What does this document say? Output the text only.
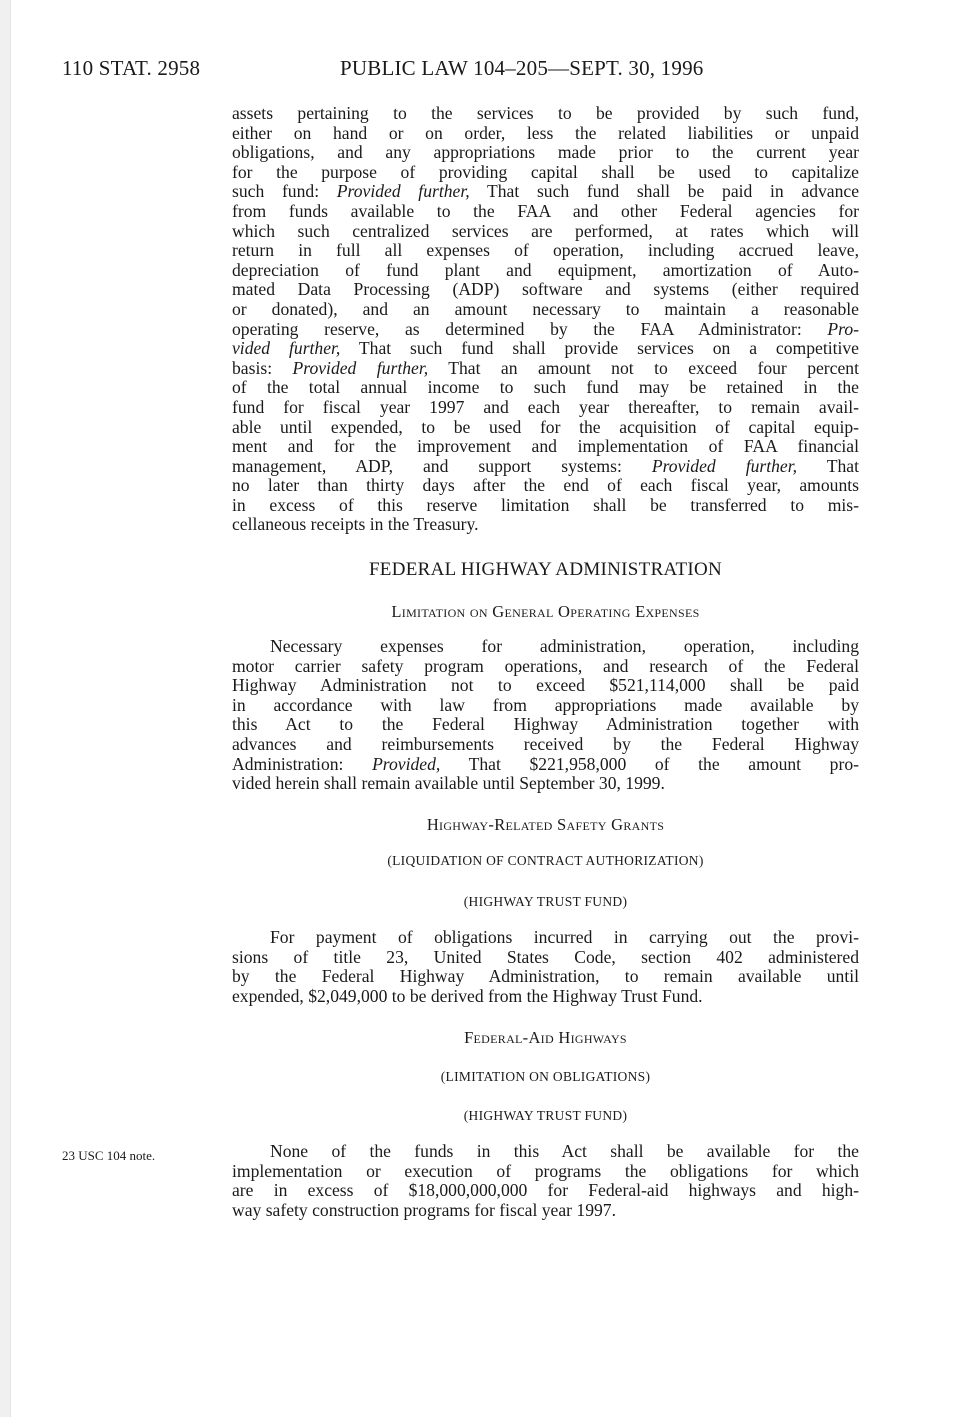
110 STAT. 2958	PUBLIC LAW 104–205—SEPT. 30, 1996

assets pertaining to the services to be provided by such fund,
either on hand or on order, less the related liabilities or unpaid
obligations, and any appropriations made prior to the current year
for the purpose of providing capital shall be used to capitalize
such fund: Provided further, That such fund shall be paid in advance
from funds available to the FAA and other Federal agencies for
which such centralized services are performed, at rates which will
return in full all expenses of operation, including accrued leave,
depreciation of fund plant and equipment, amortization of Auto-
mated Data Processing (ADP) software and systems (either required
or donated), and an amount necessary to maintain a reasonable
operating reserve, as determined by the FAA Administrator: Pro-
vided further, That such fund shall provide services on a competitive
basis: Provided further, That an amount not to exceed four percent
of the total annual income to such fund may be retained in the
fund for fiscal year 1997 and each year thereafter, to remain avail-
able until expended, to be used for the acquisition of capital equip-
ment and for the improvement and implementation of FAA financial
management, ADP, and support systems: Provided further, That
no later than thirty days after the end of each fiscal year, amounts
in excess of this reserve limitation shall be transferred to mis-
cellaneous receipts in the Treasury.

FEDERAL HIGHWAY ADMINISTRATION
Limitation on General Operating Expenses

Necessary expenses for administration, operation, including
motor carrier safety program operations, and research of the Federal
Highway Administration not to exceed $521,114,000 shall be paid
in accordance with law from appropriations made available by
this Act to the Federal Highway Administration together with
advances and reimbursements received by the Federal Highway
Administration: Provided, That $221,958,000 of the amount pro-
vided herein shall remain available until September 30, 1999.

Highway-Related Safety Grants
(LIQUIDATION OF CONTRACT AUTHORIZATION)
(HIGHWAY TRUST FUND)

For payment of obligations incurred in carrying out the provi-
sions of title 23, United States Code, section 402 administered
by the Federal Highway Administration, to remain available until
expended, $2,049,000 to be derived from the Highway Trust Fund.

Federal-Aid Highways
(LIMITATION ON OBLIGATIONS)
(HIGHWAY TRUST FUND)
23 USC 104 note.	None of the funds in this Act shall be available for the
implementation or execution of programs the obligations for which
are in excess of $18,000,000,000 for Federal-aid highways and high-
way safety construction programs for fiscal year 1997.
